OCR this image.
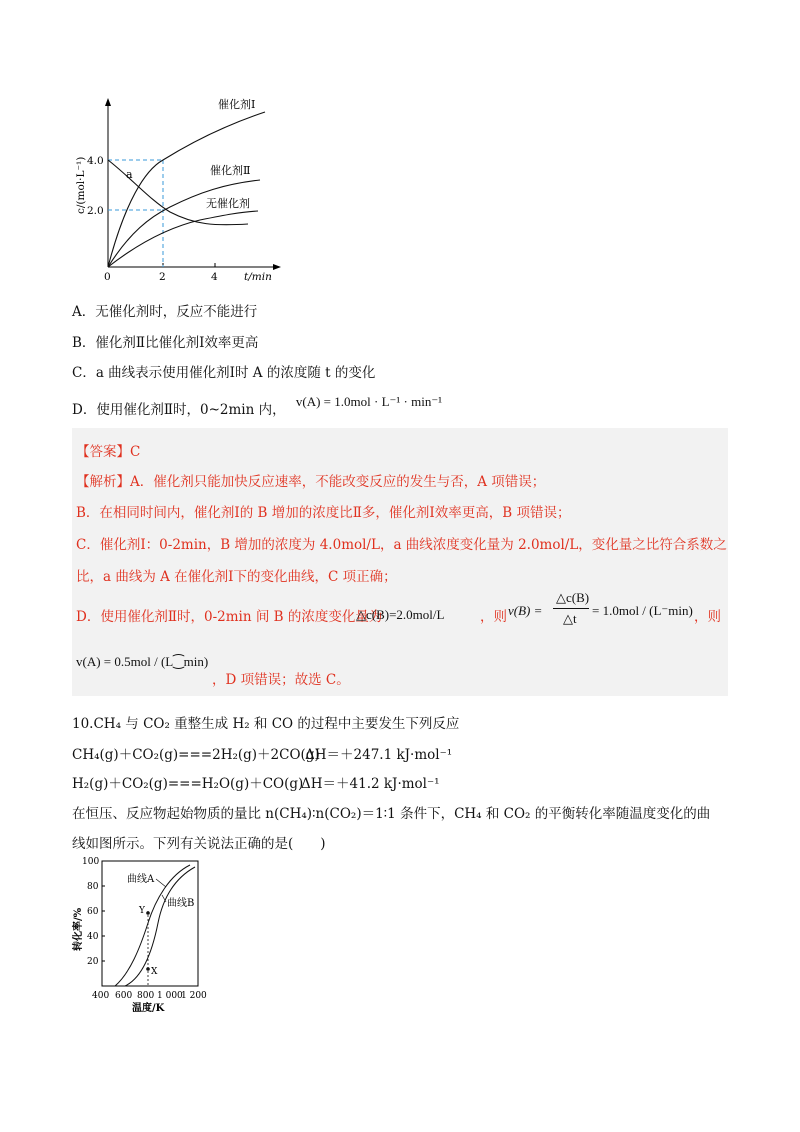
c/(mol·L⁻¹)
t/min
0	2	4
4.0
2.0
催化剂Ⅰ
催化剂Ⅱ
无催化剂
a
A．无催化剂时，反应不能进行
B．催化剂Ⅱ比催化剂Ⅰ效率更高
C．a 曲线表示使用催化剂Ⅰ时 A 的浓度随 t 的变化
D．使用催化剂Ⅱ时，0~2min 内， v(A) = 1.0mol · L⁻¹ · min⁻¹
【答案】C
【解析】A．催化剂只能加快反应速率，不能改变反应的发生与否，A 项错误；
B．在相同时间内，催化剂Ⅰ的 B 增加的浓度比Ⅱ多，催化剂Ⅰ效率更高，B 项错误；
C．催化剂Ⅰ：0-2min，B 增加的浓度为 4.0mol/L，a 曲线浓度变化量为 2.0mol/L，变化量之比符合系数之
比，a 曲线为 A 在催化剂Ⅰ下的变化曲线，C 项正确；
D．使用催化剂Ⅱ时，0-2min 间 B 的浓度变化量为
△c(B)=2.0mol/L	，则 v(B) =
△c(B)
△t
= 1.0mol / (L⁻min) ，则
v(A) = 0.5mol / (L⁐min)
，D 项错误；故选 C。
10.CH₄ 与 CO₂ 重整生成 H₂ 和 CO 的过程中主要发生下列反应
CH₄(g)＋CO₂(g)===2H₂(g)＋2CO(g)
ΔH＝＋247.1 kJ·mol⁻¹
H₂(g)＋CO₂(g)===H₂O(g)＋CO(g)
ΔH＝＋41.2 kJ·mol⁻¹
在恒压、反应物起始物质的量比 n(CH₄)∶n(CO₂)＝1∶1 条件下，CH₄ 和 CO₂ 的平衡转化率随温度变化的曲
线如图所示。下列有关说法正确的是(　　)
Y
X
曲线A
曲线B
100
80
60
40
20
400 600 800 1 000
1 200
温度/K
转化率/%
